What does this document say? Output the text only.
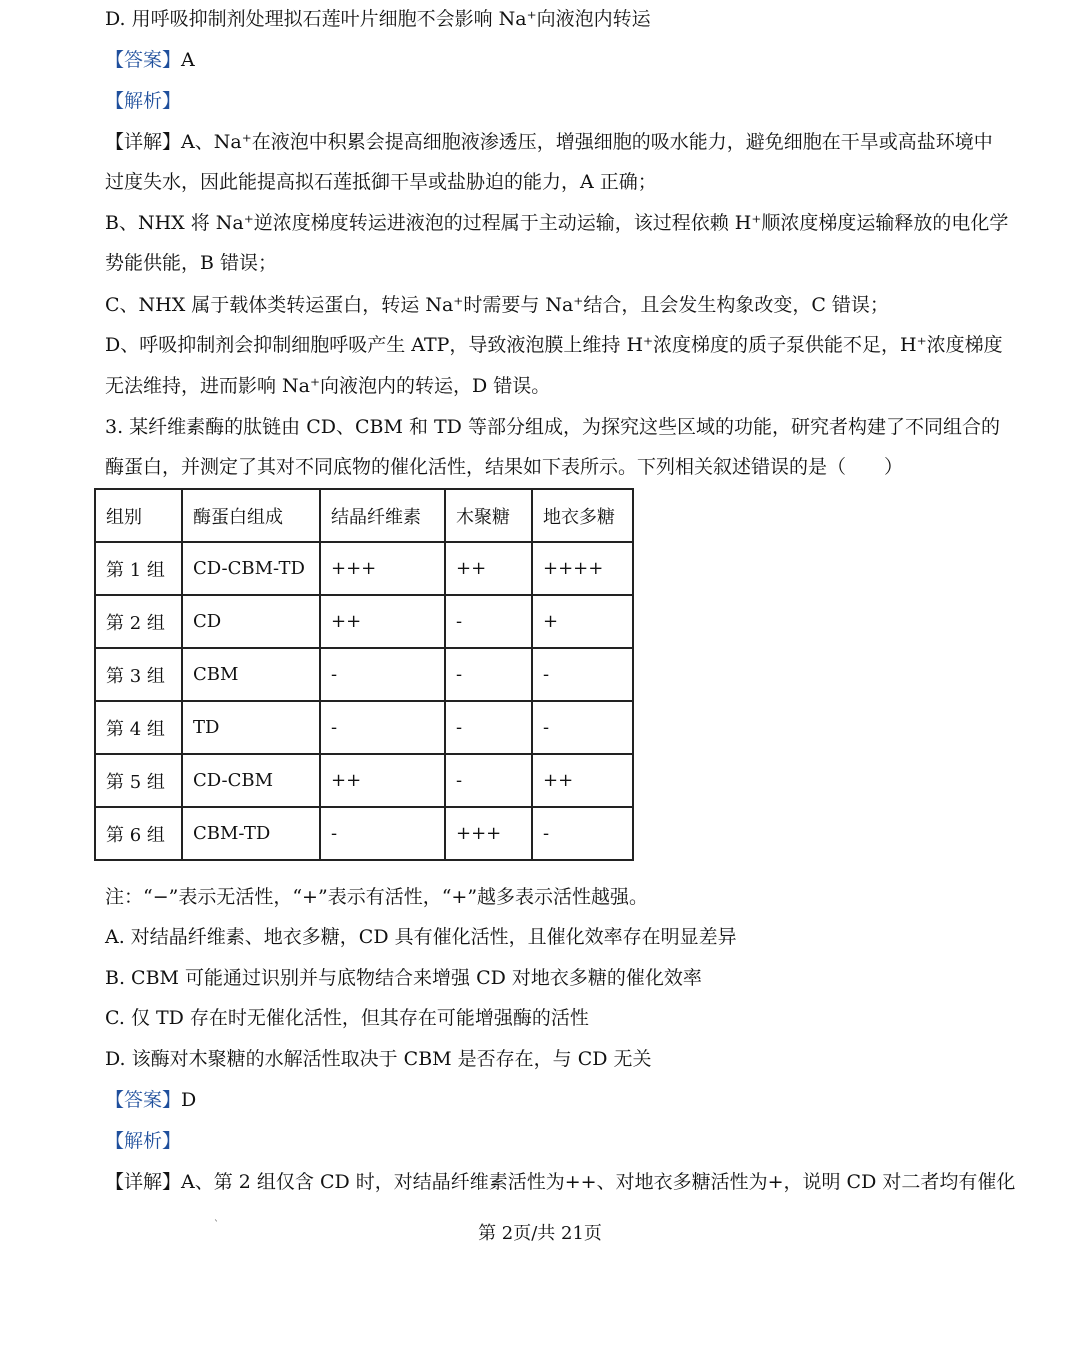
D. 用呼吸抑制剂处理拟石莲叶片细胞不会影响 Na⁺向液泡内转运
【答案】A
【解析】
【详解】A、Na⁺在液泡中积累会提高细胞液渗透压，增强细胞的吸水能力，避免细胞在干旱或高盐环境中
过度失水，因此能提高拟石莲抵御干旱或盐胁迫的能力，A 正确；
B、NHX 将 Na⁺逆浓度梯度转运进液泡的过程属于主动运输，该过程依赖 H⁺顺浓度梯度运输释放的电化学
势能供能，B 错误；
C、NHX 属于载体类转运蛋白，转运 Na⁺时需要与 Na⁺结合，且会发生构象改变，C 错误；
D、呼吸抑制剂会抑制细胞呼吸产生 ATP，导致液泡膜上维持 H⁺浓度梯度的质子泵供能不足，H⁺浓度梯度
无法维持，进而影响 Na⁺向液泡内的转运，D 错误。
3. 某纤维素酶的肽链由 CD、CBM 和 TD 等部分组成，为探究这些区域的功能，研究者构建了不同组合的
酶蛋白，并测定了其对不同底物的催化活性，结果如下表所示。下列相关叙述错误的是（　　）
组别	酶蛋白组成	结晶纤维素	木聚糖	地衣多糖
第 1 组	CD-CBM-TD	+++	++	++++
第 2 组	CD	++	-	+
第 3 组	CBM	-	-	-
第 4 组	TD	-	-	-
第 5 组	CD-CBM	++	-	++
第 6 组	CBM-TD	-	+++	-
注：“−”表示无活性，“+”表示有活性，“+”越多表示活性越强。
A. 对结晶纤维素、地衣多糖，CD 具有催化活性，且催化效率存在明显差异
B. CBM 可能通过识别并与底物结合来增强 CD 对地衣多糖的催化效率
C. 仅 TD 存在时无催化活性，但其存在可能增强酶的活性
D. 该酶对木聚糖的水解活性取决于 CBM 是否存在，与 CD 无关
【答案】D
【解析】
【详解】A、第 2 组仅含 CD 时，对结晶纤维素活性为++、对地衣多糖活性为+，说明 CD 对二者均有催化
`	第 2页/共 21页
